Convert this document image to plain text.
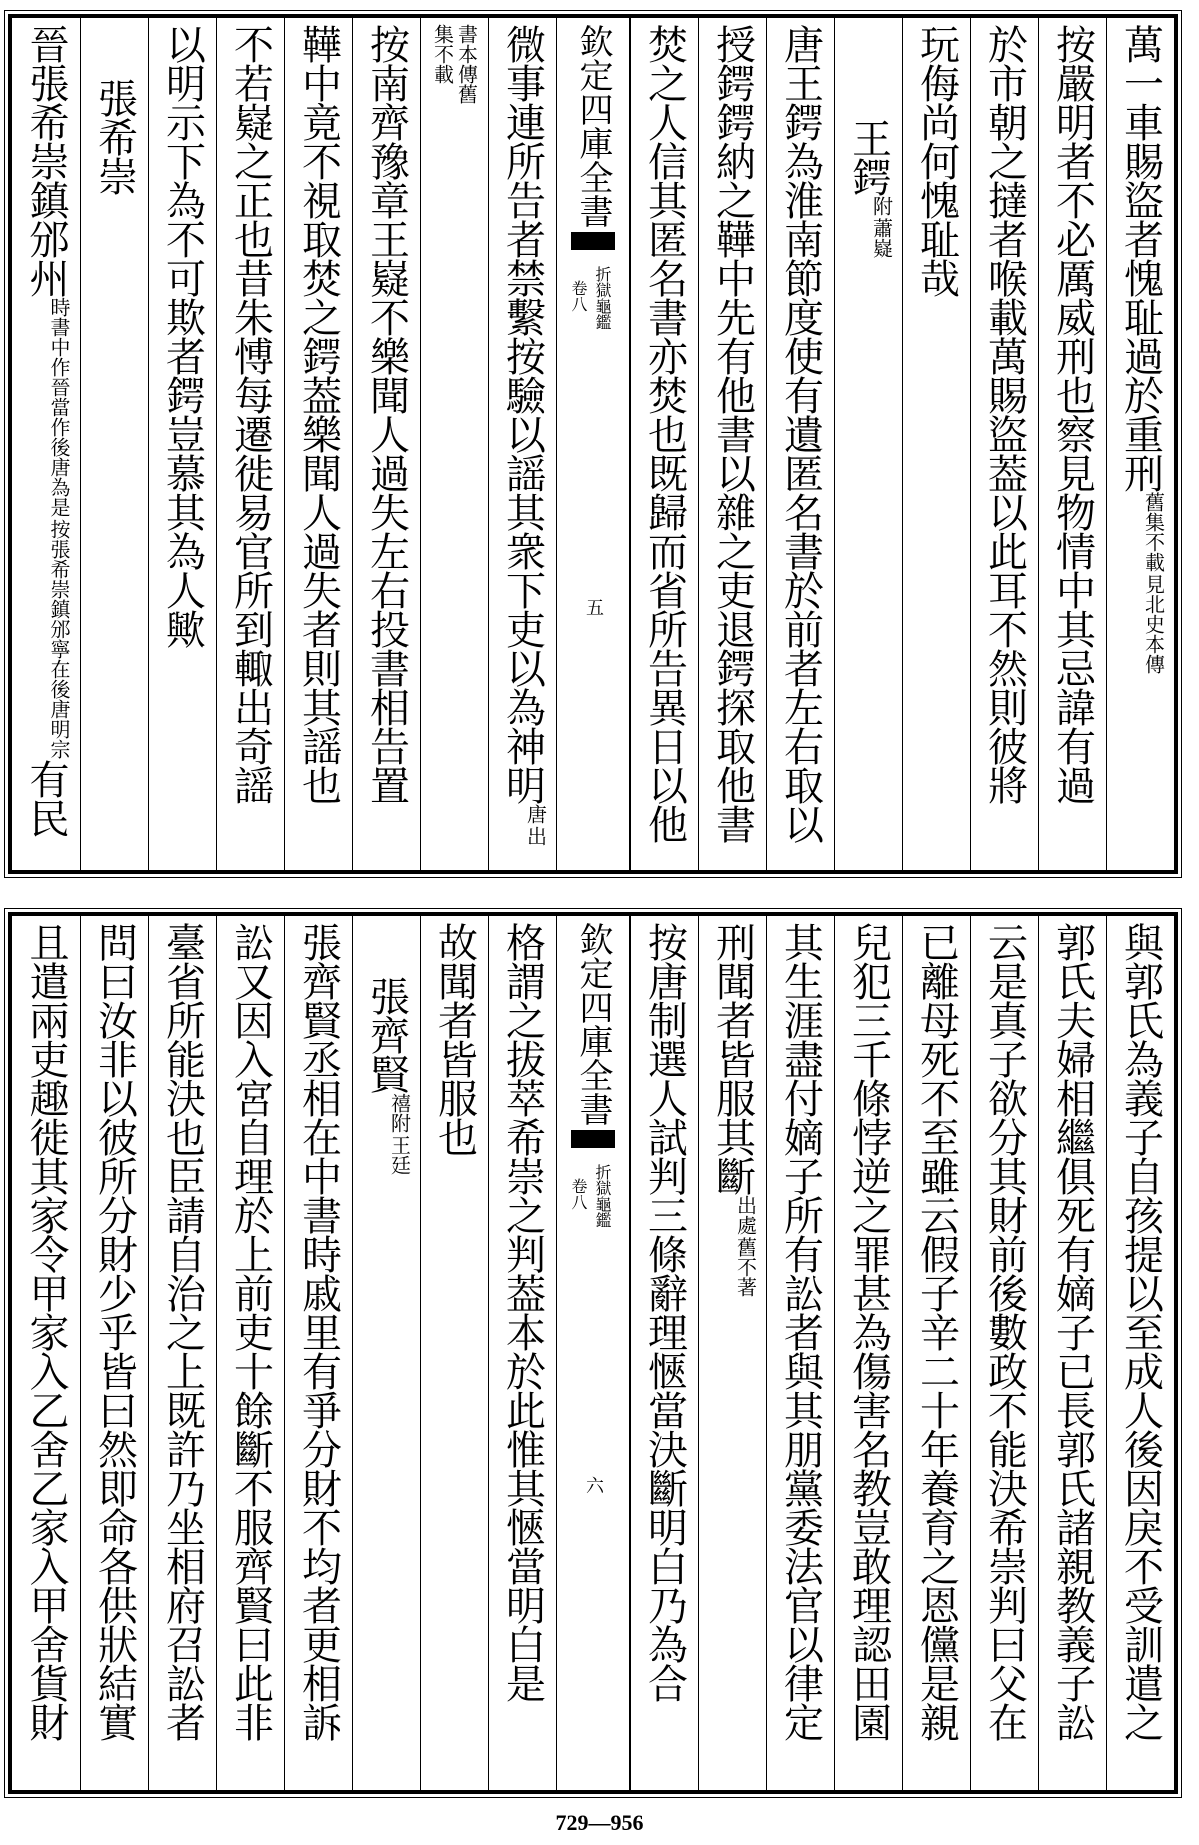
萬一車賜盜者愧耻過於重刑
見北史本傳
舊集不載
按嚴明者不必厲威刑也察見物情中其忌諱有過
於市朝之撻者喉載萬賜盜葢以此耳不然則彼將
玩侮尚何愧耻哉
王鍔
蕭嶷
附
唐王鍔為淮南節度使有遺匿名書於前者左右取以
授鍔鍔納之鞾中先有他書以雜之吏退鍔探取他書
焚之人信其匿名書亦焚也既歸而省所告異日以他
欽定四庫全書
折獄龜鑑
卷八
五
微事連所告者禁繫按驗以謡其衆下吏以為神明
出
唐
書本傳舊
集不載
按南齊豫章王嶷不樂聞人過失左右投書相告置
鞾中竟不視取焚之鍔葢樂聞人過失者則其謡也
不若嶷之正也昔朱愽每遷徙易官所到輙出奇謡
以明示下為不可欺者鍔豈慕其為人歟
張希崇
晉張希崇鎮邠州
按張希崇鎮邠寧在後唐明宗
時書中作晉當作後唐為是
有民
與郭氏為義子自孩提以至成人後因戾不受訓遣之
郭氏夫婦相繼俱死有嫡子已長郭氏諸親教義子訟
云是真子欲分其財前後數政不能決希崇判曰父在
已離母死不至雖云假子辛二十年養育之恩儻是親
兒犯三千條悖逆之罪甚為傷害名教豈敢理認田園
其生涯盡付嫡子所有訟者與其朋黨委法官以律定
刑聞者皆服其斷
舊不著
出處
按唐制選人試判三條辭理愜當決斷明白乃為合
欽定四庫全書
折獄龜鑑
卷八
六
格謂之拔萃希崇之判葢本於此惟其愜當明白是
故聞者皆服也
張齊賢
王廷
禧附
張齊賢丞相在中書時戚里有爭分財不均者更相訴
訟又因入宮自理於上前吏十餘斷不服齊賢曰此非
臺省所能決也臣請自治之上既許乃坐相府召訟者
問曰汝非以彼所分財少乎皆曰然即命各供狀結實
且遣兩吏趣徙其家令甲家入乙舍乙家入甲舍貨財
729—956
